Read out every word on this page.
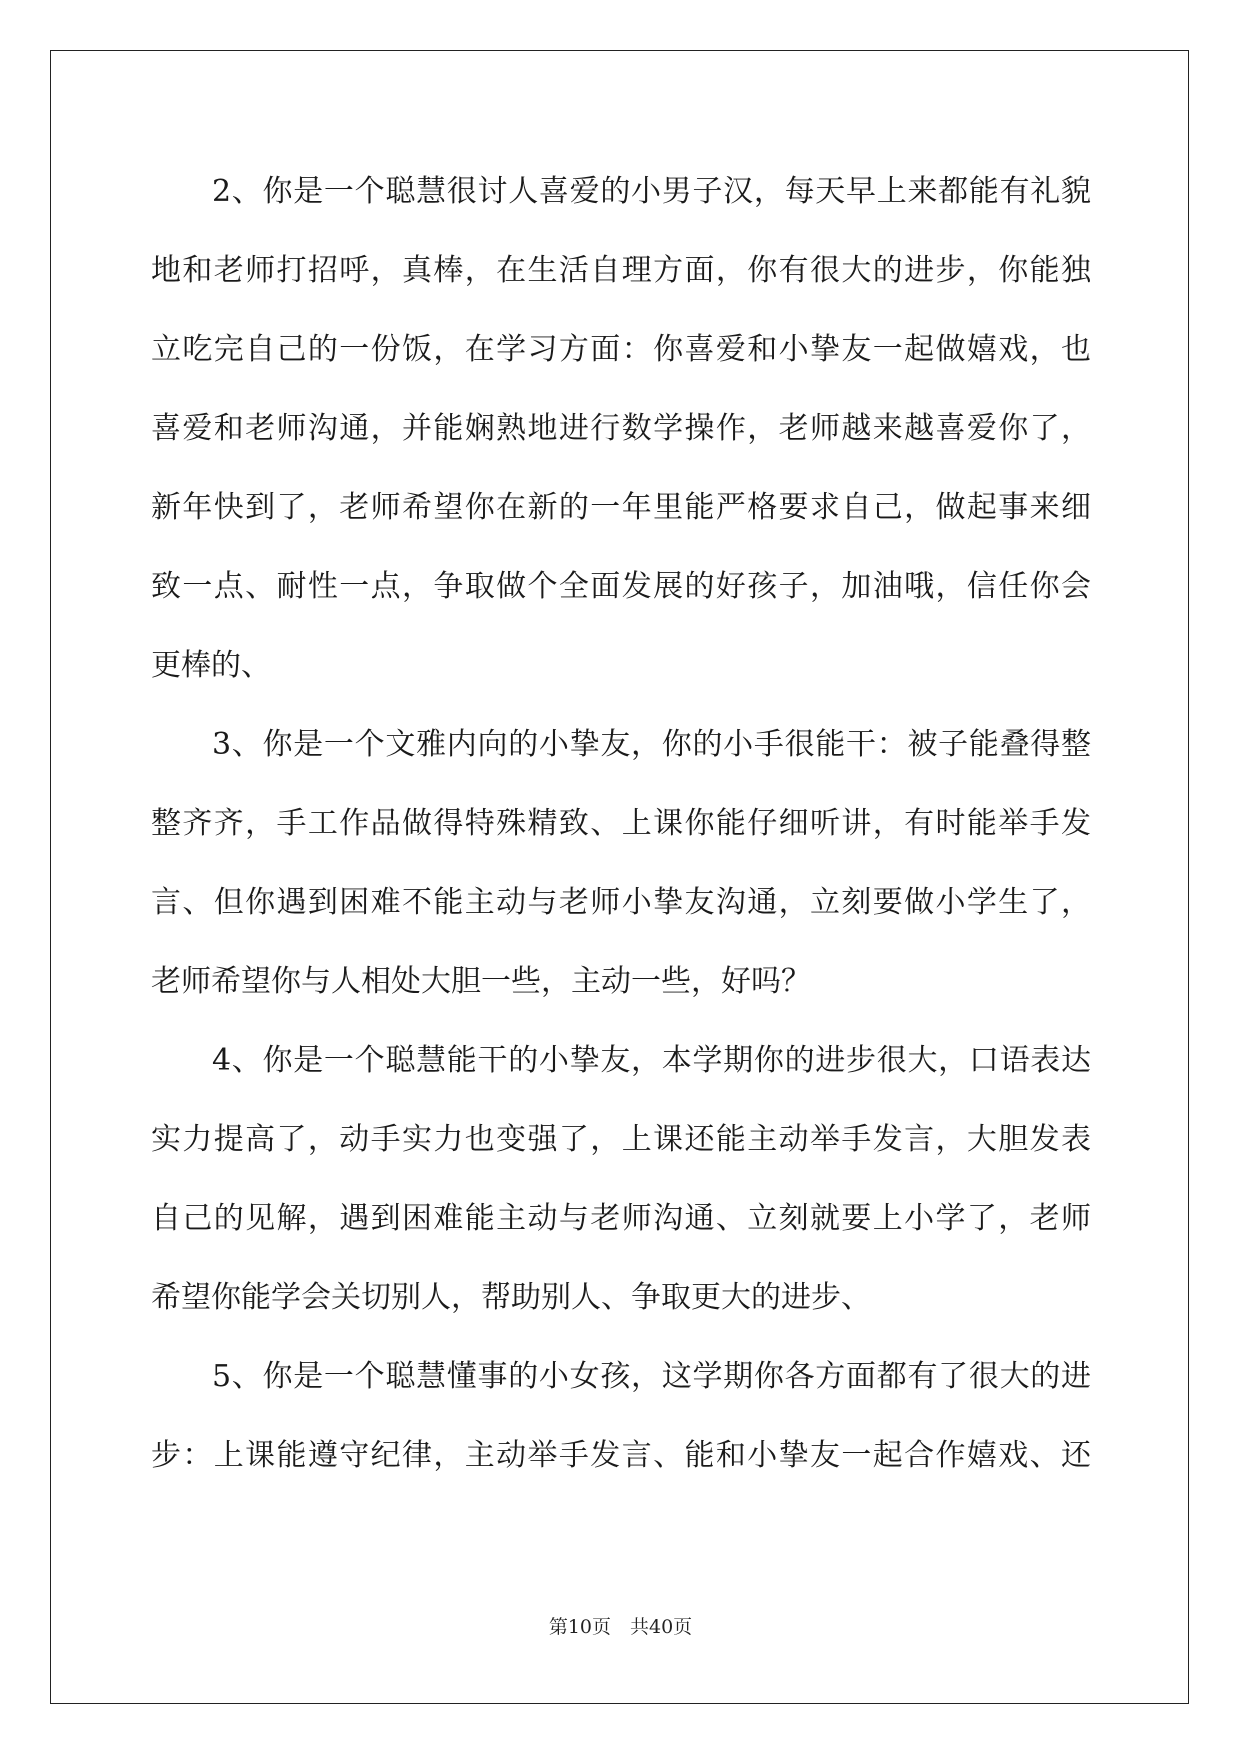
2、你是一个聪慧很讨人喜爱的小男子汉，每天早上来都能有礼貌
地和老师打招呼，真棒，在生活自理方面，你有很大的进步，你能独
立吃完自己的一份饭，在学习方面：你喜爱和小挚友一起做嬉戏，也
喜爱和老师沟通，并能娴熟地进行数学操作，老师越来越喜爱你了，
新年快到了，老师希望你在新的一年里能严格要求自己，做起事来细
致一点、耐性一点，争取做个全面发展的好孩子，加油哦，信任你会
更棒的、
3、你是一个文雅内向的小挚友，你的小手很能干：被子能叠得整
整齐齐，手工作品做得特殊精致、上课你能仔细听讲，有时能举手发
言、但你遇到困难不能主动与老师小挚友沟通，立刻要做小学生了，
老师希望你与人相处大胆一些，主动一些，好吗？
4、你是一个聪慧能干的小挚友，本学期你的进步很大，口语表达
实力提高了，动手实力也变强了，上课还能主动举手发言，大胆发表
自己的见解，遇到困难能主动与老师沟通、立刻就要上小学了，老师
希望你能学会关切别人，帮助别人、争取更大的进步、
5、你是一个聪慧懂事的小女孩，这学期你各方面都有了很大的进
步：上课能遵守纪律，主动举手发言、能和小挚友一起合作嬉戏、还
第10页　共40页
